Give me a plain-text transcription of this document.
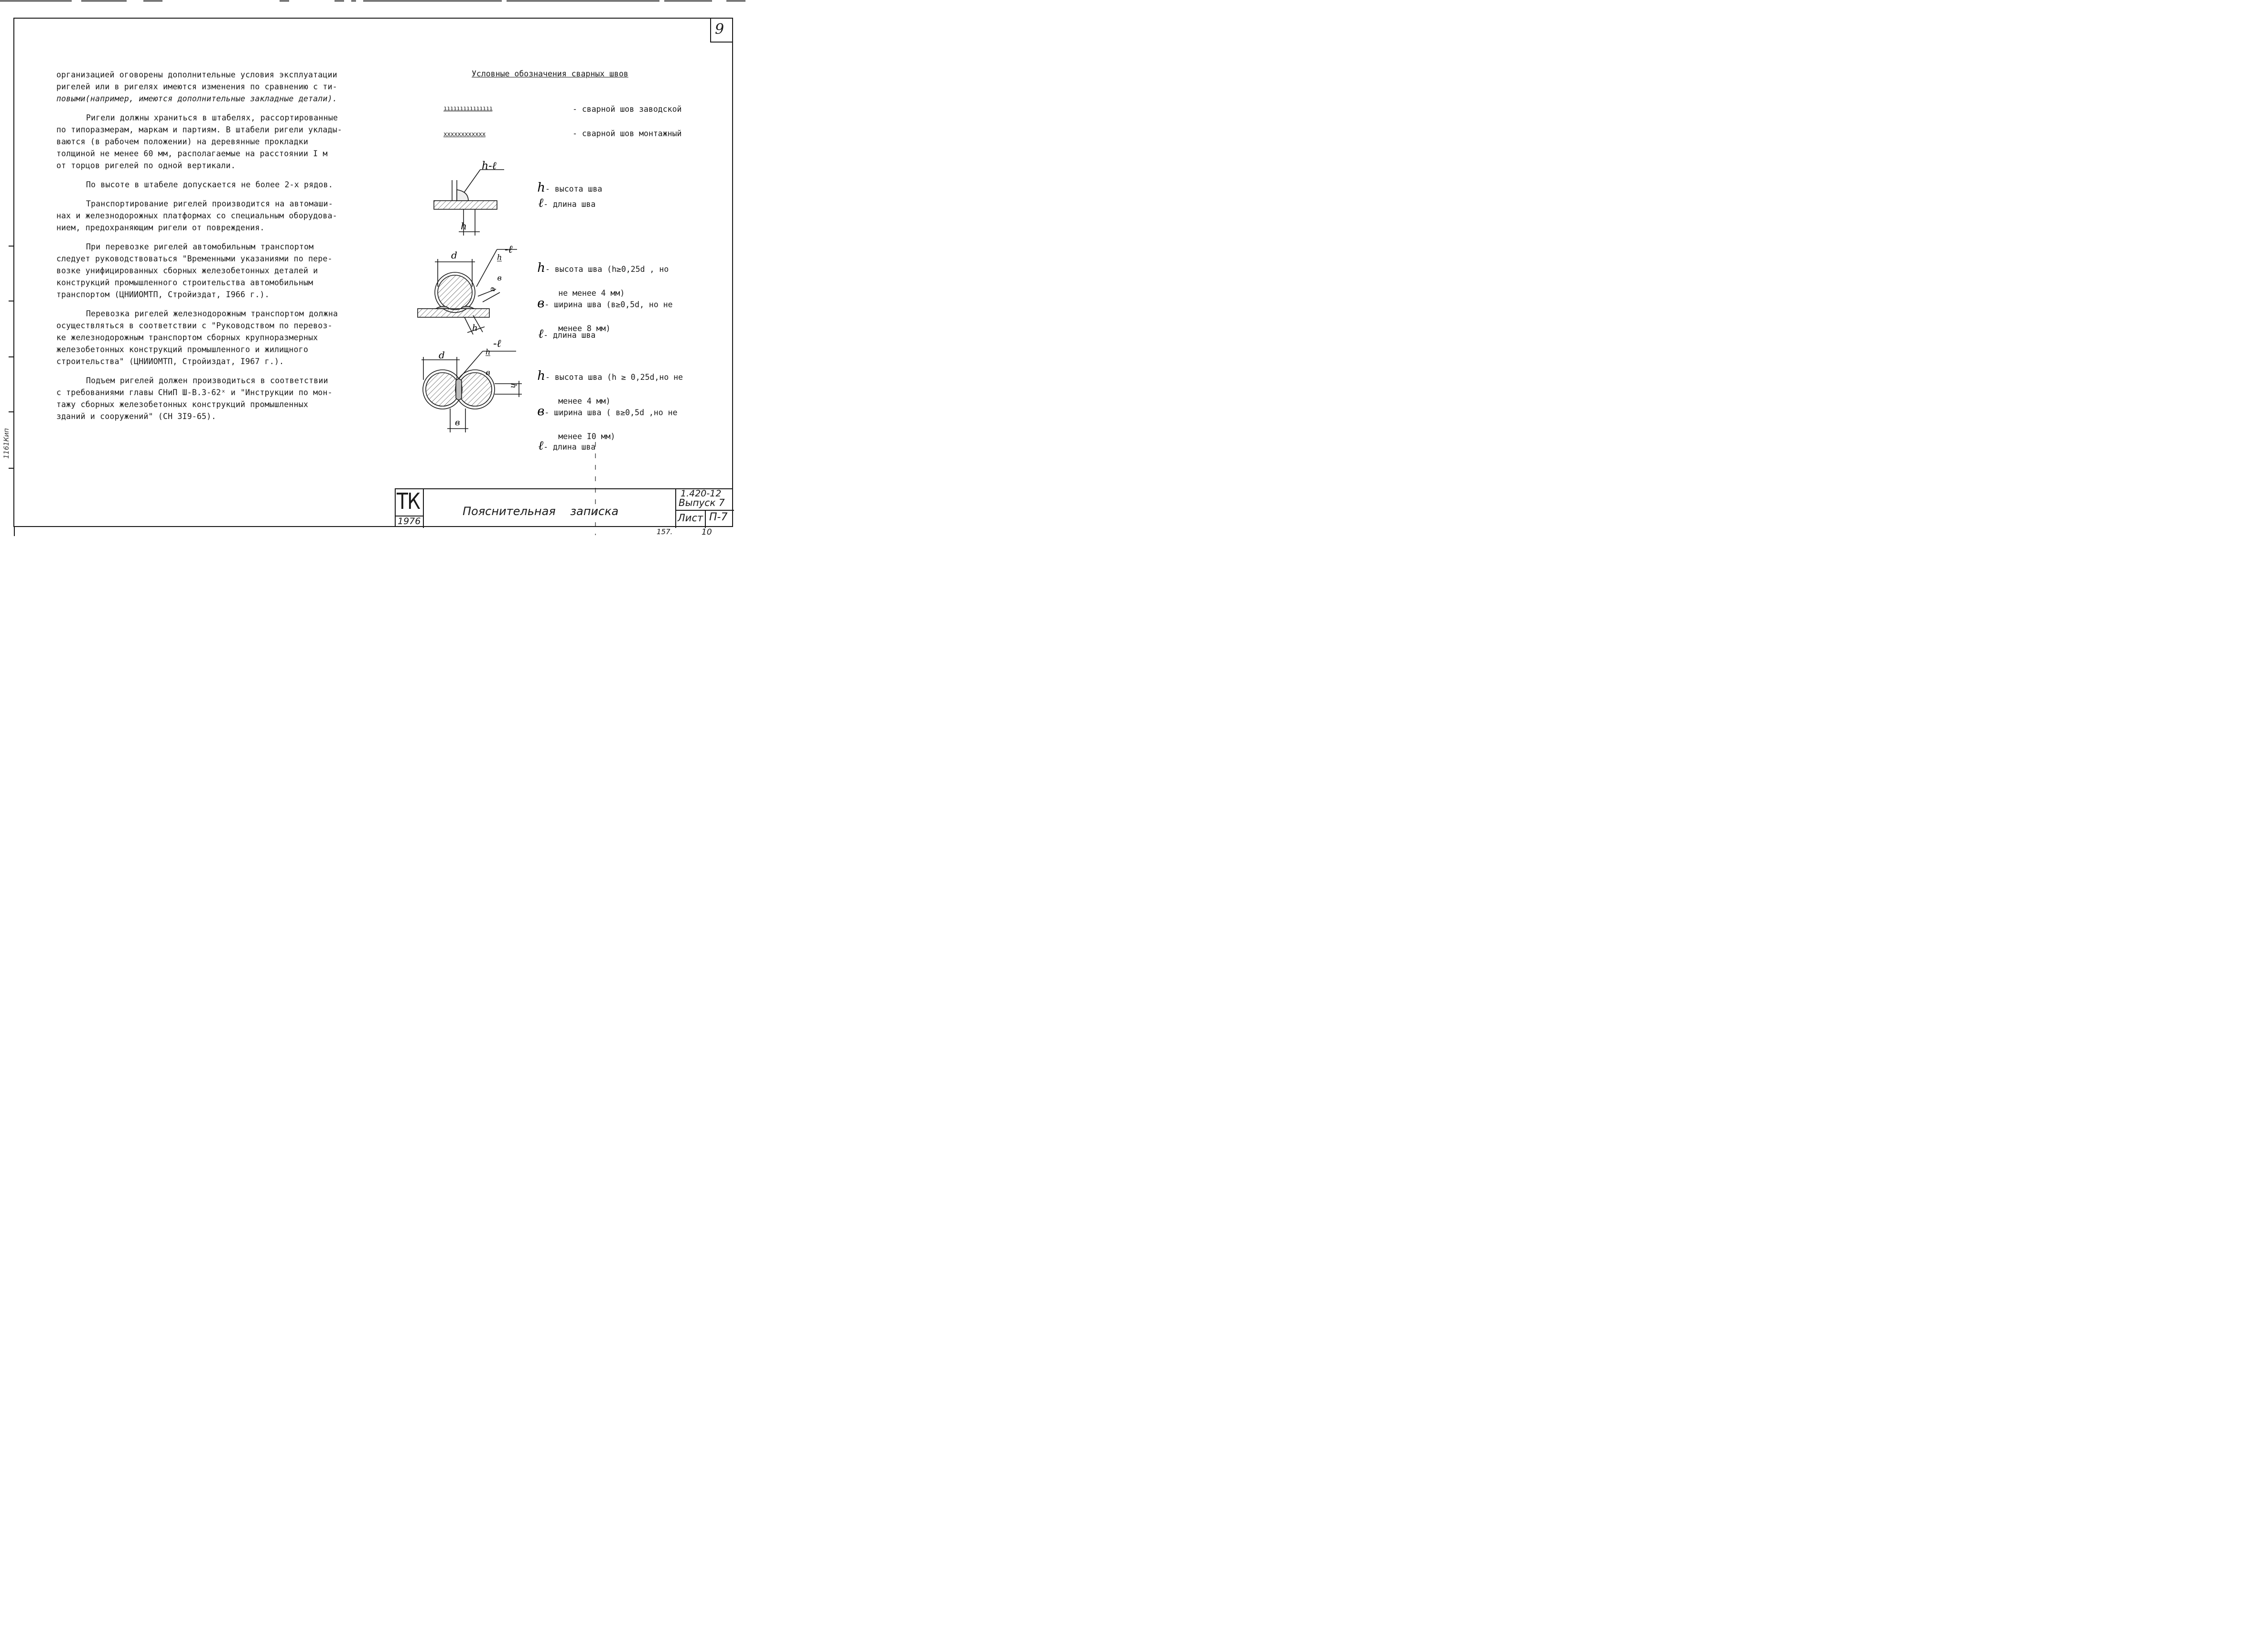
9
1161Кип

организацией оговорены дополнительные условия эксплуатации
ригелей или в ригелях имеются изменения по сравнению с ти-
повыми(например, имеются дополнительные закладные детали).

Ригели должны храниться в штабелях, рассортированные
по типоразмерам, маркам и партиям. В штабели ригели уклады-
ваются (в рабочем положении) на деревянные прокладки
толщиной не менее 60 мм, располагаемые на расстоянии I м
от торцов ригелей по одной вертикали.

По высоте в штабеле допускается не более 2-х рядов.

Транспортирование ригелей производится на автомаши-
нах и железнодорожных платформах со специальным оборудова-
нием, предохраняющим ригели от повреждения.

При перевозке ригелей автомобильным транспортом
следует руководствоваться "Временными указаниями по пере-
возке унифицированных сборных железобетонных деталей и
конструкций промышленного строительства автомобильным
транспортом (ЦНИИОМТП, Стройиздат, I966 г.).

Перевозка ригелей железнодорожным транспортом должна
осуществляться в соответствии с "Руководством по перевоз-
ке железнодорожным транспортом сборных крупноразмерных
железобетонных конструкций промышленного и жилищного
строительства" (ЦНИИОМТП, Стройиздат, I967 г.).

Подъем ригелей должен производиться в соответствии
с требованиями главы СНиП Ш-В.3-62ˣ и "Инструкции по мон-
тажу сборных железобетонных конструкций промышленных
зданий и сооружений" (СН 3I9-65).

Условные обозначения сварных швов
ııııııııııııııı	- сварной шов заводской
xxxxxxxxxxxx	- сварной шов монтажный
h-ℓ
h

h- высота шва

ℓ- длина шва

d
в
h

h

в

-ℓ

h- высота шва (h≥0,25d , но

не менее 4 мм)

в- ширина шва (в≥0,5d, но не

менее 8 мм)

ℓ- длина шва

d
в
h

h

в

-ℓ

h- высота шва (h ≥ 0,25d,но не

менее 4 мм)

в- ширина шва ( в≥0,5d ,но не

менее I0 мм)

ℓ- длина шва

ТК
1976
Пояснительная    записка
1.420-12
Выпуск 7
Лист П-7
157.	10
